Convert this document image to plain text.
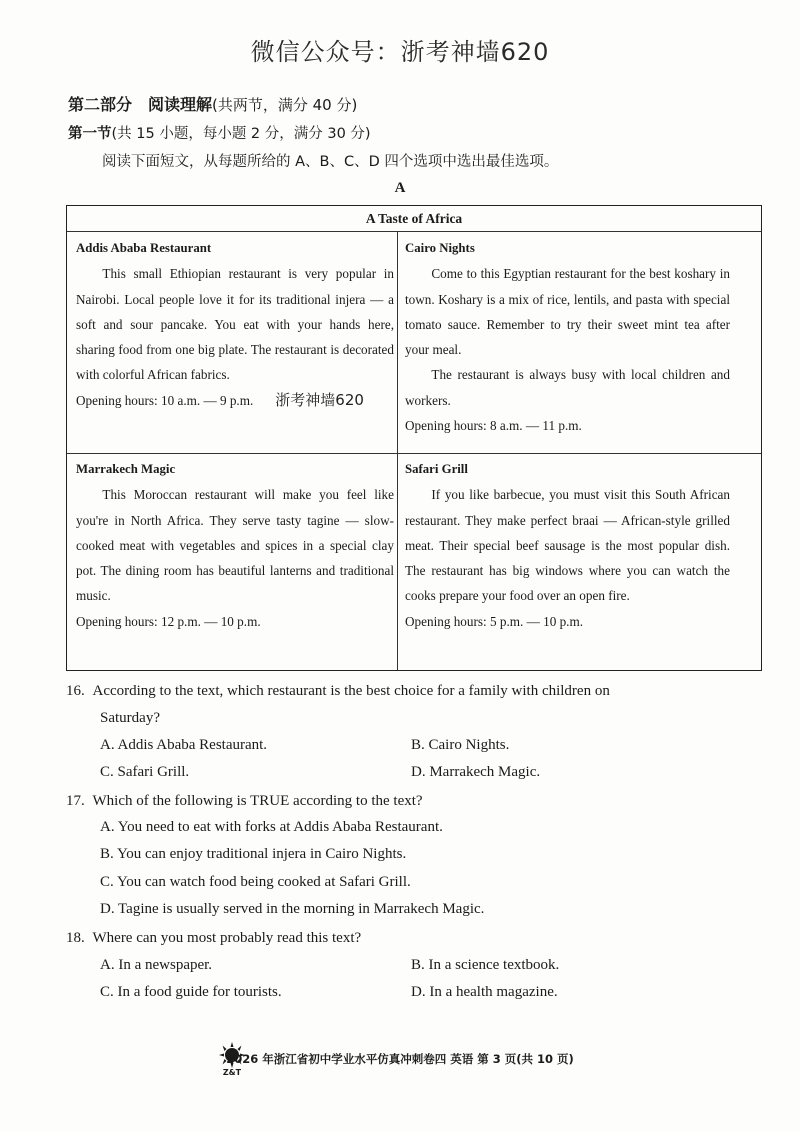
微信公众号：浙考神墙620
第二部分　阅读理解(共两节，满分 40 分)
第一节(共 15 小题，每小题 2 分，满分 30 分)
阅读下面短文，从每题所给的 A、B、C、D 四个选项中选出最佳选项。
A
A Taste of Africa
Addis Ababa Restaurant

This small Ethiopian restaurant is very popular in Nairobi. Local people love it for its traditional injera — a soft and sour pancake. You eat with your hands here, sharing food from one big plate. The restaurant is decorated with colorful African fabrics.

Opening hours: 10 a.m. — 9 p.m. 浙考神墙620
Cairo Nights

Come to this Egyptian restaurant for the best koshary in town. Koshary is a mix of rice, lentils, and pasta with special tomato sauce. Remember to try their sweet mint tea after your meal.

The restaurant is always busy with local children and workers.

Opening hours: 8 a.m. — 11 p.m.
Marrakech Magic

This Moroccan restaurant will make you feel like you're in North Africa. They serve tasty tagine — slow-cooked meat with vegetables and spices in a special clay pot. The dining room has beautiful lanterns and traditional music.

Opening hours: 12 p.m. — 10 p.m.
Safari Grill

If you like barbecue, you must visit this South African restaurant. They make perfect braai — African-style grilled meat. Their special beef sausage is the most popular dish. The restaurant has big windows where you can watch the cooks prepare your food over an open fire.

Opening hours: 5 p.m. — 10 p.m.
16. According to the text, which restaurant is the best choice for a family with children on
Saturday?
A. Addis Ababa Restaurant.	B. Cairo Nights.
C. Safari Grill.	D. Marrakech Magic.
17. Which of the following is TRUE according to the text?
A. You need to eat with forks at Addis Ababa Restaurant.
B. You can enjoy traditional injera in Cairo Nights.
C. You can watch food being cooked at Safari Grill.
D. Tagine is usually served in the morning in Marrakech Magic.
18. Where can you most probably read this text?
A. In a newspaper.	B. In a science textbook.
C. In a food guide for tourists.	D. In a health magazine.
Z&T
2026 年浙江省初中学业水平仿真冲刺卷四 英语 第 3 页(共 10 页)
